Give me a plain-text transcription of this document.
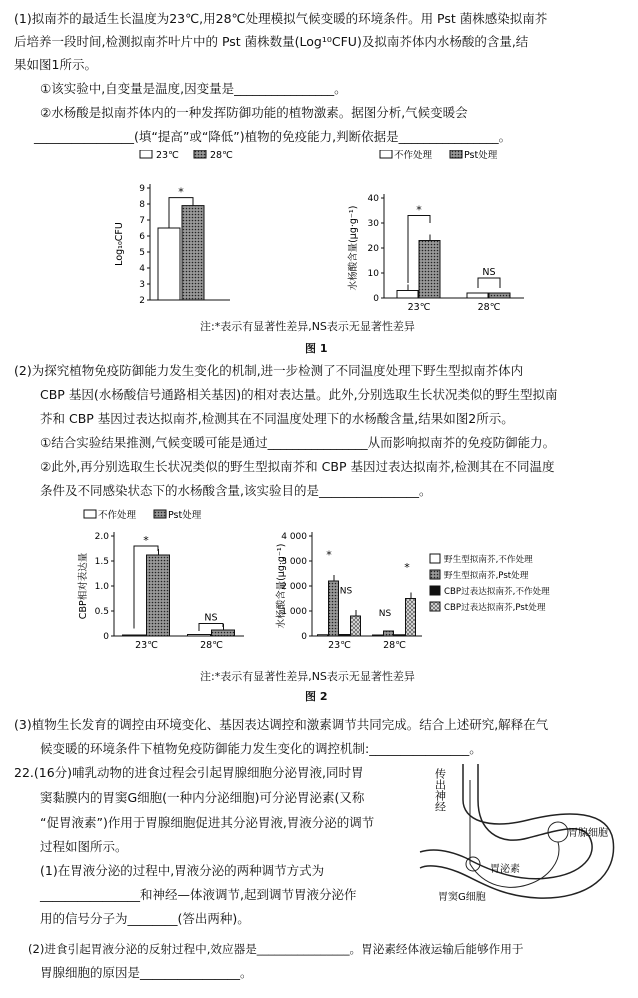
(1)拟南芥的最适生长温度为23℃,用28℃处理模拟气候变暖的环境条件。用 Pst 菌株感染拟南芥
后培养一段时间,检测拟南芥叶片中的 Pst 菌株数量(Log¹⁰CFU)及拟南芥体内水杨酸的含量,结
果如图1所示。
①该实验中,自变量是温度,因变量是________________。
②水杨酸是拟南芥体内的一种发挥防御功能的植物激素。据图分析,气候变暖会
________________(填“提高”或“降低”)植物的免疫能力,判断依据是________________。
2
3
4
5
6
7
8
9
Log₁₀CFU
*
23℃	28℃
0
10
20
30
40
水杨酸含量(μg·g⁻¹)
23℃	28℃
*
NS
不作处理	Pst处理
注:*表示有显著性差异,NS表示无显著性差异
图 1
(2)为探究植物免疫防御能力发生变化的机制,进一步检测了不同温度处理下野生型拟南芥体内
CBP 基因(水杨酸信号通路相关基因)的相对表达量。此外,分别选取生长状况类似的野生型拟南
芥和 CBP 基因过表达拟南芥,检测其在不同温度处理下的水杨酸含量,结果如图2所示。
①结合实验结果推测,气候变暖可能是通过________________从而影响拟南芥的免疫防御能力。
②此外,再分别选取生长状况类似的野生型拟南芥和 CBP 基因过表达拟南芥,检测其在不同温度
条件及不同感染状态下的水杨酸含量,该实验目的是________________。
0
0.5
1.0
1.5
2.0
CBP相对表达量
23℃	28℃
*
NS
不作处理	Pst处理
0
1 000
2 000
3 000
4 000
水杨酸含量(μg·g⁻¹)
23℃	28℃
野生型拟南芥,不作处理
野生型拟南芥,Pst处理
CBP过表达拟南芥,不作处理
CBP过表达拟南芥,Pst处理
*
NS
NS
*
注:*表示有显著性差异,NS表示无显著性差异
图 2
(3)植物生长发育的调控由环境变化、基因表达调控和激素调节共同完成。结合上述研究,解释在气
候变暖的环境条件下植物免疫防御能力发生变化的调控机制:________________。
22.(16分)哺乳动物的进食过程会引起胃腺细胞分泌胃液,同时胃
窦黏膜内的胃窦G细胞(一种内分泌细胞)可分泌胃泌素(又称
“促胃液素”)作用于胃腺细胞促进其分泌胃液,胃液分泌的调节
过程如图所示。
(1)在胃液分泌的过程中,胃液分泌的两种调节方式为
________________和神经—体液调节,起到调节胃液分泌作
用的信号分子为________(答出两种)。
(2)进食引起胃液分泌的反射过程中,效应器是________________。胃泌素经体液运输后能够作用于
胃腺细胞的原因是________________。
传出神经
胃腺细胞
胃泌素
胃窦G细胞
